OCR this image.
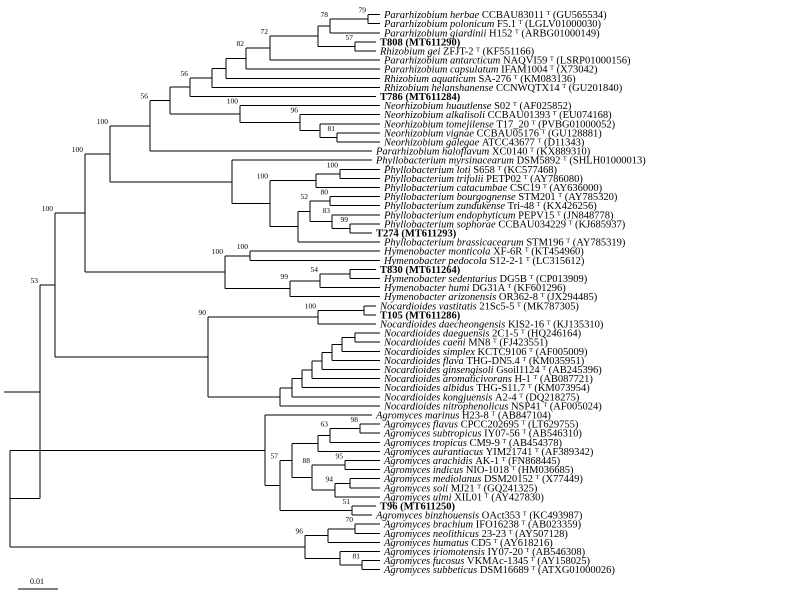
79
78
57
72
82
56
81
96
100
56
100
80
99
83
52
100
100
100
54
99
100
100
100
90
100
98
63
95
94
88
51
57
70
81
96
53
Pararhizobium herbae CCBAU83011 ᵀ (GU565534)
Pararhizobium polonicum F5.1 ᵀ (LGLV01000030)
Pararhizobium giardinii H152 ᵀ (ARBG01000149)
T808 (MT611290)
Rhizobium gei ZFJT-2 ᵀ (KF551166)
Pararhizobium antarcticum NAQVI59 ᵀ (LSRP01000156)
Pararhizobium capsulatum IFAM1004 ᵀ (X73042)
Rhizobium aquaticum SA-276 ᵀ (KM083136)
Rhizobium helanshanense CCNWQTX14 ᵀ (GU201840)
T786 (MT611284)
Neorhizobium huautlense S02 ᵀ (AF025852)
Neorhizobium alkalisoli CCBAU01393 ᵀ (EU074168)
Neorhizobium tomejilense T17_20 ᵀ (PVBG01000052)
Neorhizobium vignae CCBAU05176 ᵀ (GU128881)
Neorhizobium galegae ATCC43677 ᵀ (D11343)
Pararhizobium haloflavum XC0140 ᵀ (KX889310)
Phyllobacterium myrsinacearum DSM5892 ᵀ (SHLH01000013)
Phyllobacterium loti S658 ᵀ (KC577468)
Phyllobacterium trifolii PETP02 ᵀ (AY786080)
Phyllobacterium catacumbae CSC19 ᵀ (AY636000)
Phyllobacterium bourgognense STM201 ᵀ (AY785320)
Phyllobacterium zundukense Tri-48 ᵀ (KX426256)
Phyllobacterium endophyticum PEPV15 ᵀ (JN848778)
Phyllobacterium sophorae CCBAU034229 ᵀ (KJ685937)
T274 (MT611293)
Phyllobacterium brassicacearum STM196 ᵀ (AY785319)
Hymenobacter monticola XF-6R ᵀ (KT454960)
Hymenobacter pedocola S12-2-1 ᵀ (LC315612)
T830 (MT611264)
Hymenobacter sedentarius DG5B ᵀ (CP013909)
Hymenobacter humi DG31A ᵀ (KF601296)
Hymenobacter arizonensis OR362-8 ᵀ (JX294485)
Nocardioides vastitatis 21Sc5-5 ᵀ (MK787305)
T105 (MT611286)
Nocardioides daecheongensis KIS2-16 ᵀ (KJ135310)
Nocardioides daeguensis 2C1-5 ᵀ (HQ246164)
Nocardioides caeni MN8 ᵀ (FJ423551)
Nocardioides simplex KCTC9106 ᵀ (AF005009)
Nocardioides flava THG-DN5.4 ᵀ (KM035951)
Nocardioides ginsengisoli Gsoil1124 ᵀ (AB245396)
Nocardioides aromaticivorans H-1 ᵀ (AB087721)
Nocardioides albidus THG-S11.7 ᵀ (KM073954)
Nocardioides kongjuensis A2-4 ᵀ (DQ218275)
Nocardioides nitrophenolicus NSP41 ᵀ (AF005024)
Agromyces marinus H23-8 ᵀ (AB847104)
Agromyces flavus CPCC202695 ᵀ (LT629755)
Agromyces subtropicus IY07-56 ᵀ (AB546310)
Agromyces tropicus CM9-9 ᵀ (AB454378)
Agromyces aurantiacus YIM21741 ᵀ (AF389342)
Agromyces arachidis AK-1 ᵀ (FN868445)
Agromyces indicus NIO-1018 ᵀ (HM036685)
Agromyces mediolanus DSM20152 ᵀ (X77449)
Agromyces soli MJ21 ᵀ (GQ241325)
Agromyces ulmi XIL01 ᵀ (AY427830)
T96 (MT611250)
Agromyces binzhouensis OAct353 ᵀ (KC493987)
Agromyces brachium IFO16238 ᵀ (AB023359)
Agromyces neolithicus 23-23 ᵀ (AY507128)
Agromyces humatus CD5 ᵀ (AY618216)
Agromyces iriomotensis IY07-20 ᵀ (AB546308)
Agromyces fucosus VKMAc-1345 ᵀ (AY158025)
Agromyces subbeticus DSM16689 ᵀ (ATXG01000026)
0.01
